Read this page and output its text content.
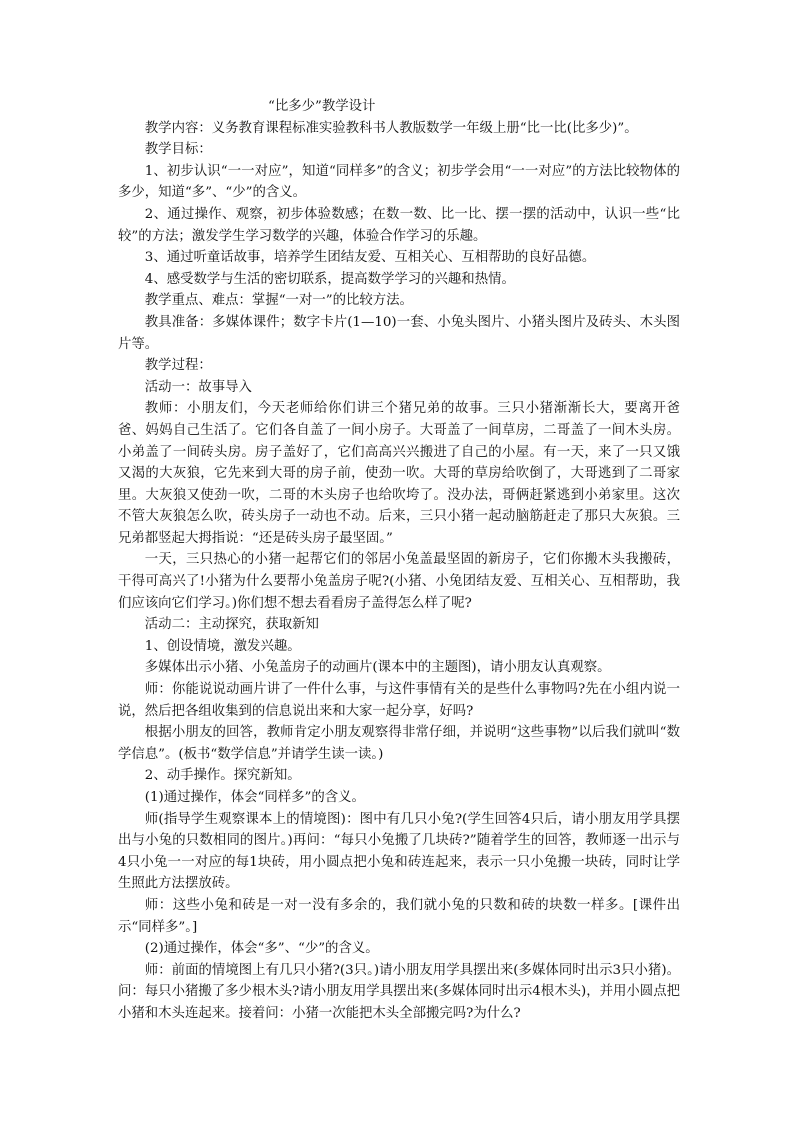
“比多少”教学设计

教学内容：义务教育课程标准实验教科书人教版数学一年级上册“比一比(比多少)”。

教学目标：

1、初步认识“一一对应”，知道“同样多”的含义；初步学会用“一一对应”的方法比较物体的多少，知道“多”、“少”的含义。

2、通过操作、观察，初步体验数感；在数一数、比一比、摆一摆的活动中，认识一些“比较”的方法；激发学生学习数学的兴趣，体验合作学习的乐趣。

3、通过听童话故事，培养学生团结友爱、互相关心、互相帮助的良好品德。

4、感受数学与生活的密切联系，提高数学学习的兴趣和热情。

教学重点、难点：掌握“一对一”的比较方法。

教具准备：多媒体课件；数字卡片(1—10)一套、小兔头图片、小猪头图片及砖头、木头图片等。

教学过程：

活动一：故事导入

教师：小朋友们，今天老师给你们讲三个猪兄弟的故事。三只小猪渐渐长大，要离开爸爸、妈妈自己生活了。它们各自盖了一间小房子。大哥盖了一间草房，二哥盖了一间木头房。小弟盖了一间砖头房。房子盖好了，它们高高兴兴搬进了自己的小屋。有一天，来了一只又饿又渴的大灰狼，它先来到大哥的房子前，使劲一吹。大哥的草房给吹倒了，大哥逃到了二哥家里。大灰狼又使劲一吹，二哥的木头房子也给吹垮了。没办法，哥俩赶紧逃到小弟家里。这次不管大灰狼怎么吹，砖头房子一动也不动。后来，三只小猪一起动脑筋赶走了那只大灰狼。三兄弟都竖起大拇指说：“还是砖头房子最坚固。”

一天，三只热心的小猪一起帮它们的邻居小兔盖最坚固的新房子，它们你搬木头我搬砖，干得可高兴了!小猪为什么要帮小兔盖房子呢?(小猪、小兔团结友爱、互相关心、互相帮助，我们应该向它们学习。)你们想不想去看看房子盖得怎么样了呢?

活动二：主动探究，获取新知

1、创设情境，激发兴趣。

多媒体出示小猪、小兔盖房子的动画片(课本中的主题图)，请小朋友认真观察。

师：你能说说动画片讲了一件什么事，与这件事情有关的是些什么事物吗?先在小组内说一说，然后把各组收集到的信息说出来和大家一起分享，好吗?

根据小朋友的回答，教师肯定小朋友观察得非常仔细，并说明“这些事物”以后我们就叫“数学信息”。(板书“数学信息”并请学生读一读。)

2、动手操作。探究新知。

(1)通过操作，体会“同样多”的含义。

师(指导学生观察课本上的情境图)：图中有几只小兔?(学生回答4只后，请小朋友用学具摆出与小兔的只数相同的图片。)再问：“每只小兔搬了几块砖?”随着学生的回答，教师逐一出示与4只小兔一一对应的每1块砖，用小圆点把小兔和砖连起来，表示一只小兔搬一块砖，同时让学生照此方法摆放砖。

师：这些小兔和砖是一对一没有多余的，我们就小兔的只数和砖的块数一样多。[课件出示“同样多”。]

(2)通过操作，体会“多”、“少”的含义。

师：前面的情境图上有几只小猪?(3只。)请小朋友用学具摆出来(多媒体同时出示3只小猪)。问：每只小猪搬了多少根木头?请小朋友用学具摆出来(多媒体同时出示4根木头)，并用小圆点把小猪和木头连起来。接着问：小猪一次能把木头全部搬完吗?为什么?
